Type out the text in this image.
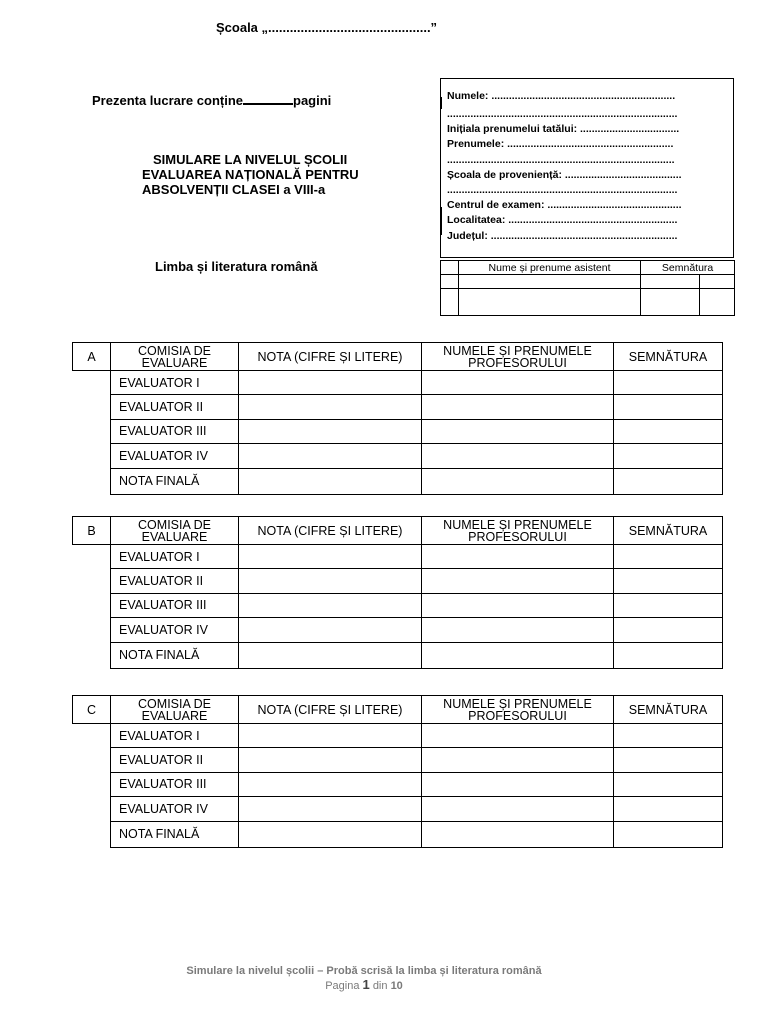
Școala „.............................................”
Prezenta lucrare conține	pagini
SIMULARE LA NIVELUL ȘCOLII
EVALUAREA NAȚIONALĂ PENTRU
ABSOLVENȚII CLASEI a VIII-a
Limba și literatura română
Numele: ...............................................................
...............................................................................
Inițiala prenumelui tatălui: ..................................
Prenumele: .........................................................
..............................................................................
Școala de proveniență: ........................................
...............................................................................
Centrul de examen: ..............................................
Localitatea: ..........................................................
Județul: ................................................................
	Nume și prenume asistent	Semnătura	

A	COMISIA DE EVALUARE	NOTA (CIFRE ȘI LITERE)	NUMELE ȘI PRENUMELE PROFESORULUI	SEMNĂTURA
	EVALUATOR I			
	EVALUATOR II			
	EVALUATOR III			
	EVALUATOR IV			
	NOTA FINALĂ			
B	COMISIA DE EVALUARE	NOTA (CIFRE ȘI LITERE)	NUMELE ȘI PRENUMELE PROFESORULUI	SEMNĂTURA
	EVALUATOR I			
	EVALUATOR II			
	EVALUATOR III			
	EVALUATOR IV			
	NOTA FINALĂ			
C	COMISIA DE EVALUARE	NOTA (CIFRE ȘI LITERE)	NUMELE ȘI PRENUMELE PROFESORULUI	SEMNĂTURA
	EVALUATOR I			
	EVALUATOR II			
	EVALUATOR III			
	EVALUATOR IV			
	NOTA FINALĂ			
Simulare la nivelul școlii – Probă scrisă la limba și literatura română
Pagina 1 din 10
